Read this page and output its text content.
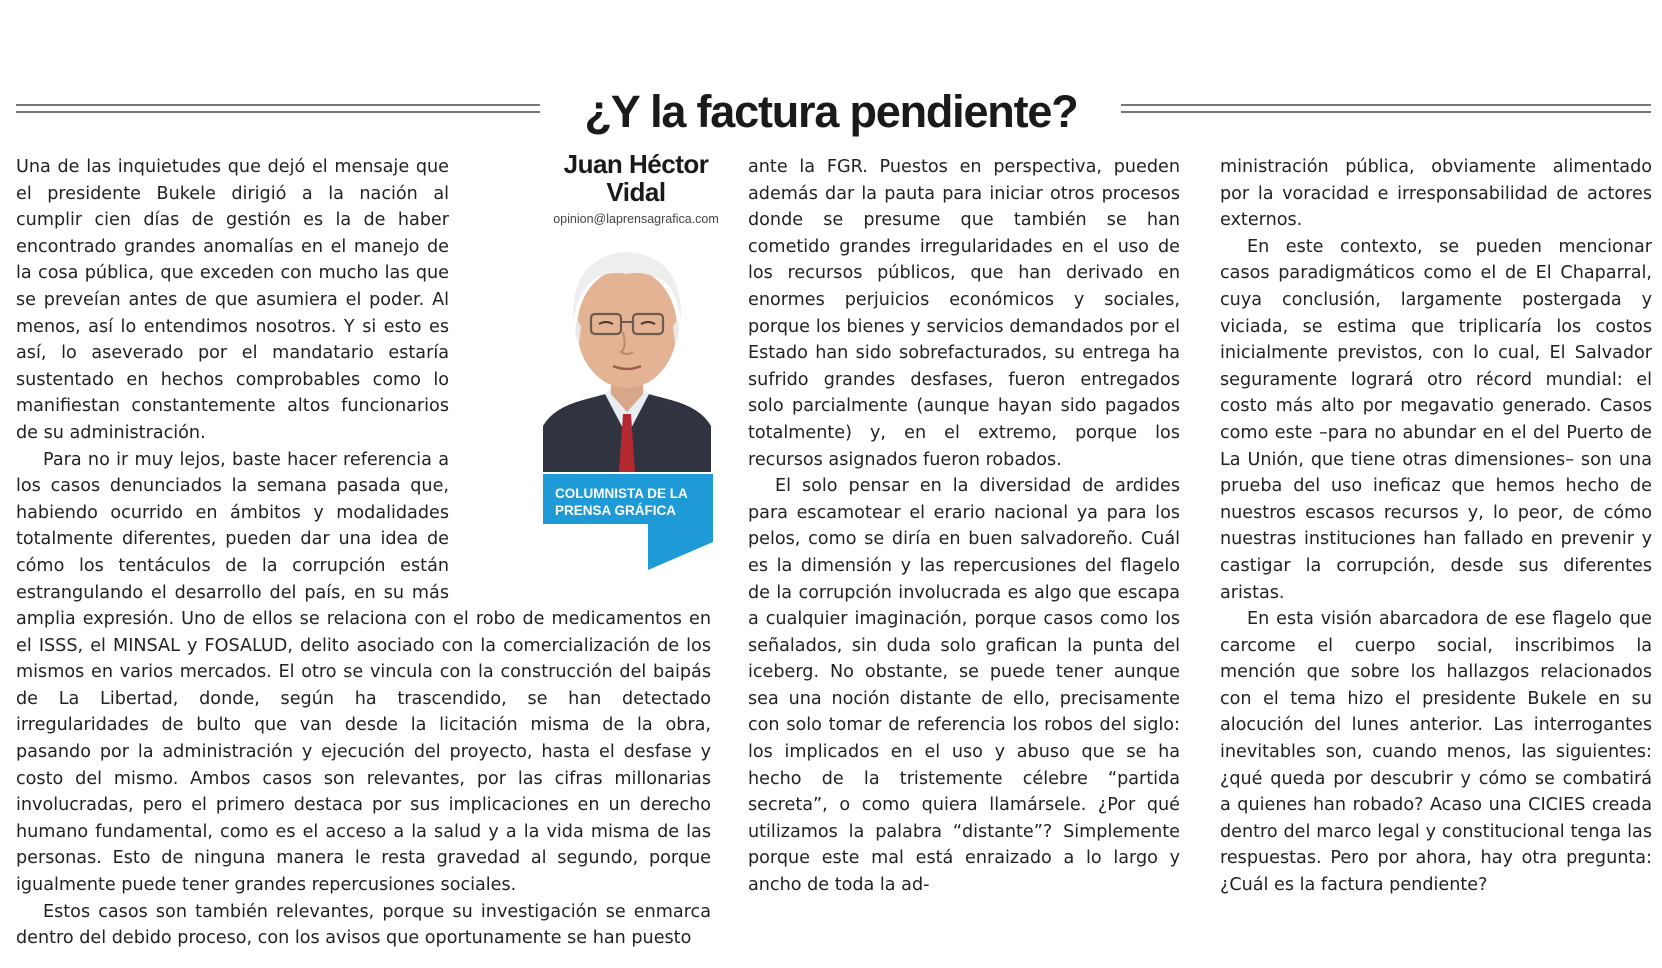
¿Y la factura pendiente?

Una de las inquietudes que dejó el mensaje que el presidente Bukele dirigió a la nación al cumplir cien días de gestión es la de haber encontrado grandes anomalías en el manejo de la cosa pública, que exceden con mucho las que se preveían antes de que asumiera el poder. Al menos, así lo entendimos nosotros. Y si esto es así, lo aseverado por el mandatario estaría sustentado en hechos comprobables como lo manifiestan constantemente altos funcionarios de su administración.

Para no ir muy lejos, baste hacer referencia a los casos denunciados la semana pasada que, habiendo ocurrido en ámbitos y modalidades totalmente diferentes, pueden dar una idea de cómo los tentáculos de la corrupción están estrangulando el desarrollo del país, en su más amplia expresión. Uno de ellos se relaciona con el robo de medicamentos en el ISSS, el MINSAL y FOSALUD, delito asociado con la comercialización de los mismos en varios mercados. El otro se vincula con la construcción del baipás de La Libertad, donde, según ha trascendido, se han detectado irregularidades de bulto que van desde la licitación misma de la obra, pasando por la administración y ejecución del proyecto, hasta el desfase y costo del mismo. Ambos casos son relevantes, por las cifras millonarias involucradas, pero el primero destaca por sus implicaciones en un derecho humano fundamental, como es el acceso a la salud y a la vida misma de las personas. Esto de ninguna manera le resta gravedad al segundo, porque igualmente puede tener grandes repercusiones sociales.

Estos casos son también relevantes, porque su investigación se enmarca dentro del debido proceso, con los avisos que oportunamente se han puesto

Juan Héctor Vidal
opinion@laprensagrafica.com
COLUMNISTA DE LA PRENSA GRÁFICA

ante la FGR. Puestos en perspectiva, pueden además dar la pauta para iniciar otros procesos donde se presume que también se han cometido grandes irregularidades en el uso de los recursos públicos, que han derivado en enormes perjuicios económicos y sociales, porque los bienes y servicios demandados por el Estado han sido sobrefacturados, su entrega ha sufrido grandes desfases, fueron entregados solo parcialmente (aunque hayan sido pagados totalmente) y, en el extremo, porque los recursos asignados fueron robados.

El solo pensar en la diversidad de ardides para escamotear el erario nacional ya para los pelos, como se diría en buen salvadoreño. Cuál es la dimensión y las repercusiones del flagelo de la corrupción involucrada es algo que escapa a cualquier imaginación, porque casos como los señalados, sin duda solo grafican la punta del iceberg. No obstante, se puede tener aunque sea una noción distante de ello, precisamente con solo tomar de referencia los robos del siglo: los implicados en el uso y abuso que se ha hecho de la tristemente célebre “partida secreta”, o como quiera llamársele. ¿Por qué utilizamos la palabra “distante”? Simplemente porque este mal está enraizado a lo largo y ancho de toda la ad-

ministración pública, obviamente alimentado por la voracidad e irresponsabilidad de actores externos.

En este contexto, se pueden mencionar casos paradigmáticos como el de El Chaparral, cuya conclusión, largamente postergada y viciada, se estima que triplicaría los costos inicialmente previstos, con lo cual, El Salvador seguramente logrará otro récord mundial: el costo más alto por megavatio generado. Casos como este –para no abundar en el del Puerto de La Unión, que tiene otras dimensiones– son una prueba del uso ineficaz que hemos hecho de nuestros escasos recursos y, lo peor, de cómo nuestras instituciones han fallado en prevenir y castigar la corrupción, desde sus diferentes aristas.

En esta visión abarcadora de ese flagelo que carcome el cuerpo social, inscribimos la mención que sobre los hallazgos relacionados con el tema hizo el presidente Bukele en su alocución del lunes anterior. Las interrogantes inevitables son, cuando menos, las siguientes: ¿qué queda por descubrir y cómo se combatirá a quienes han robado? Acaso una CICIES creada dentro del marco legal y constitucional tenga las respuestas. Pero por ahora, hay otra pregunta: ¿Cuál es la factura pendiente?
